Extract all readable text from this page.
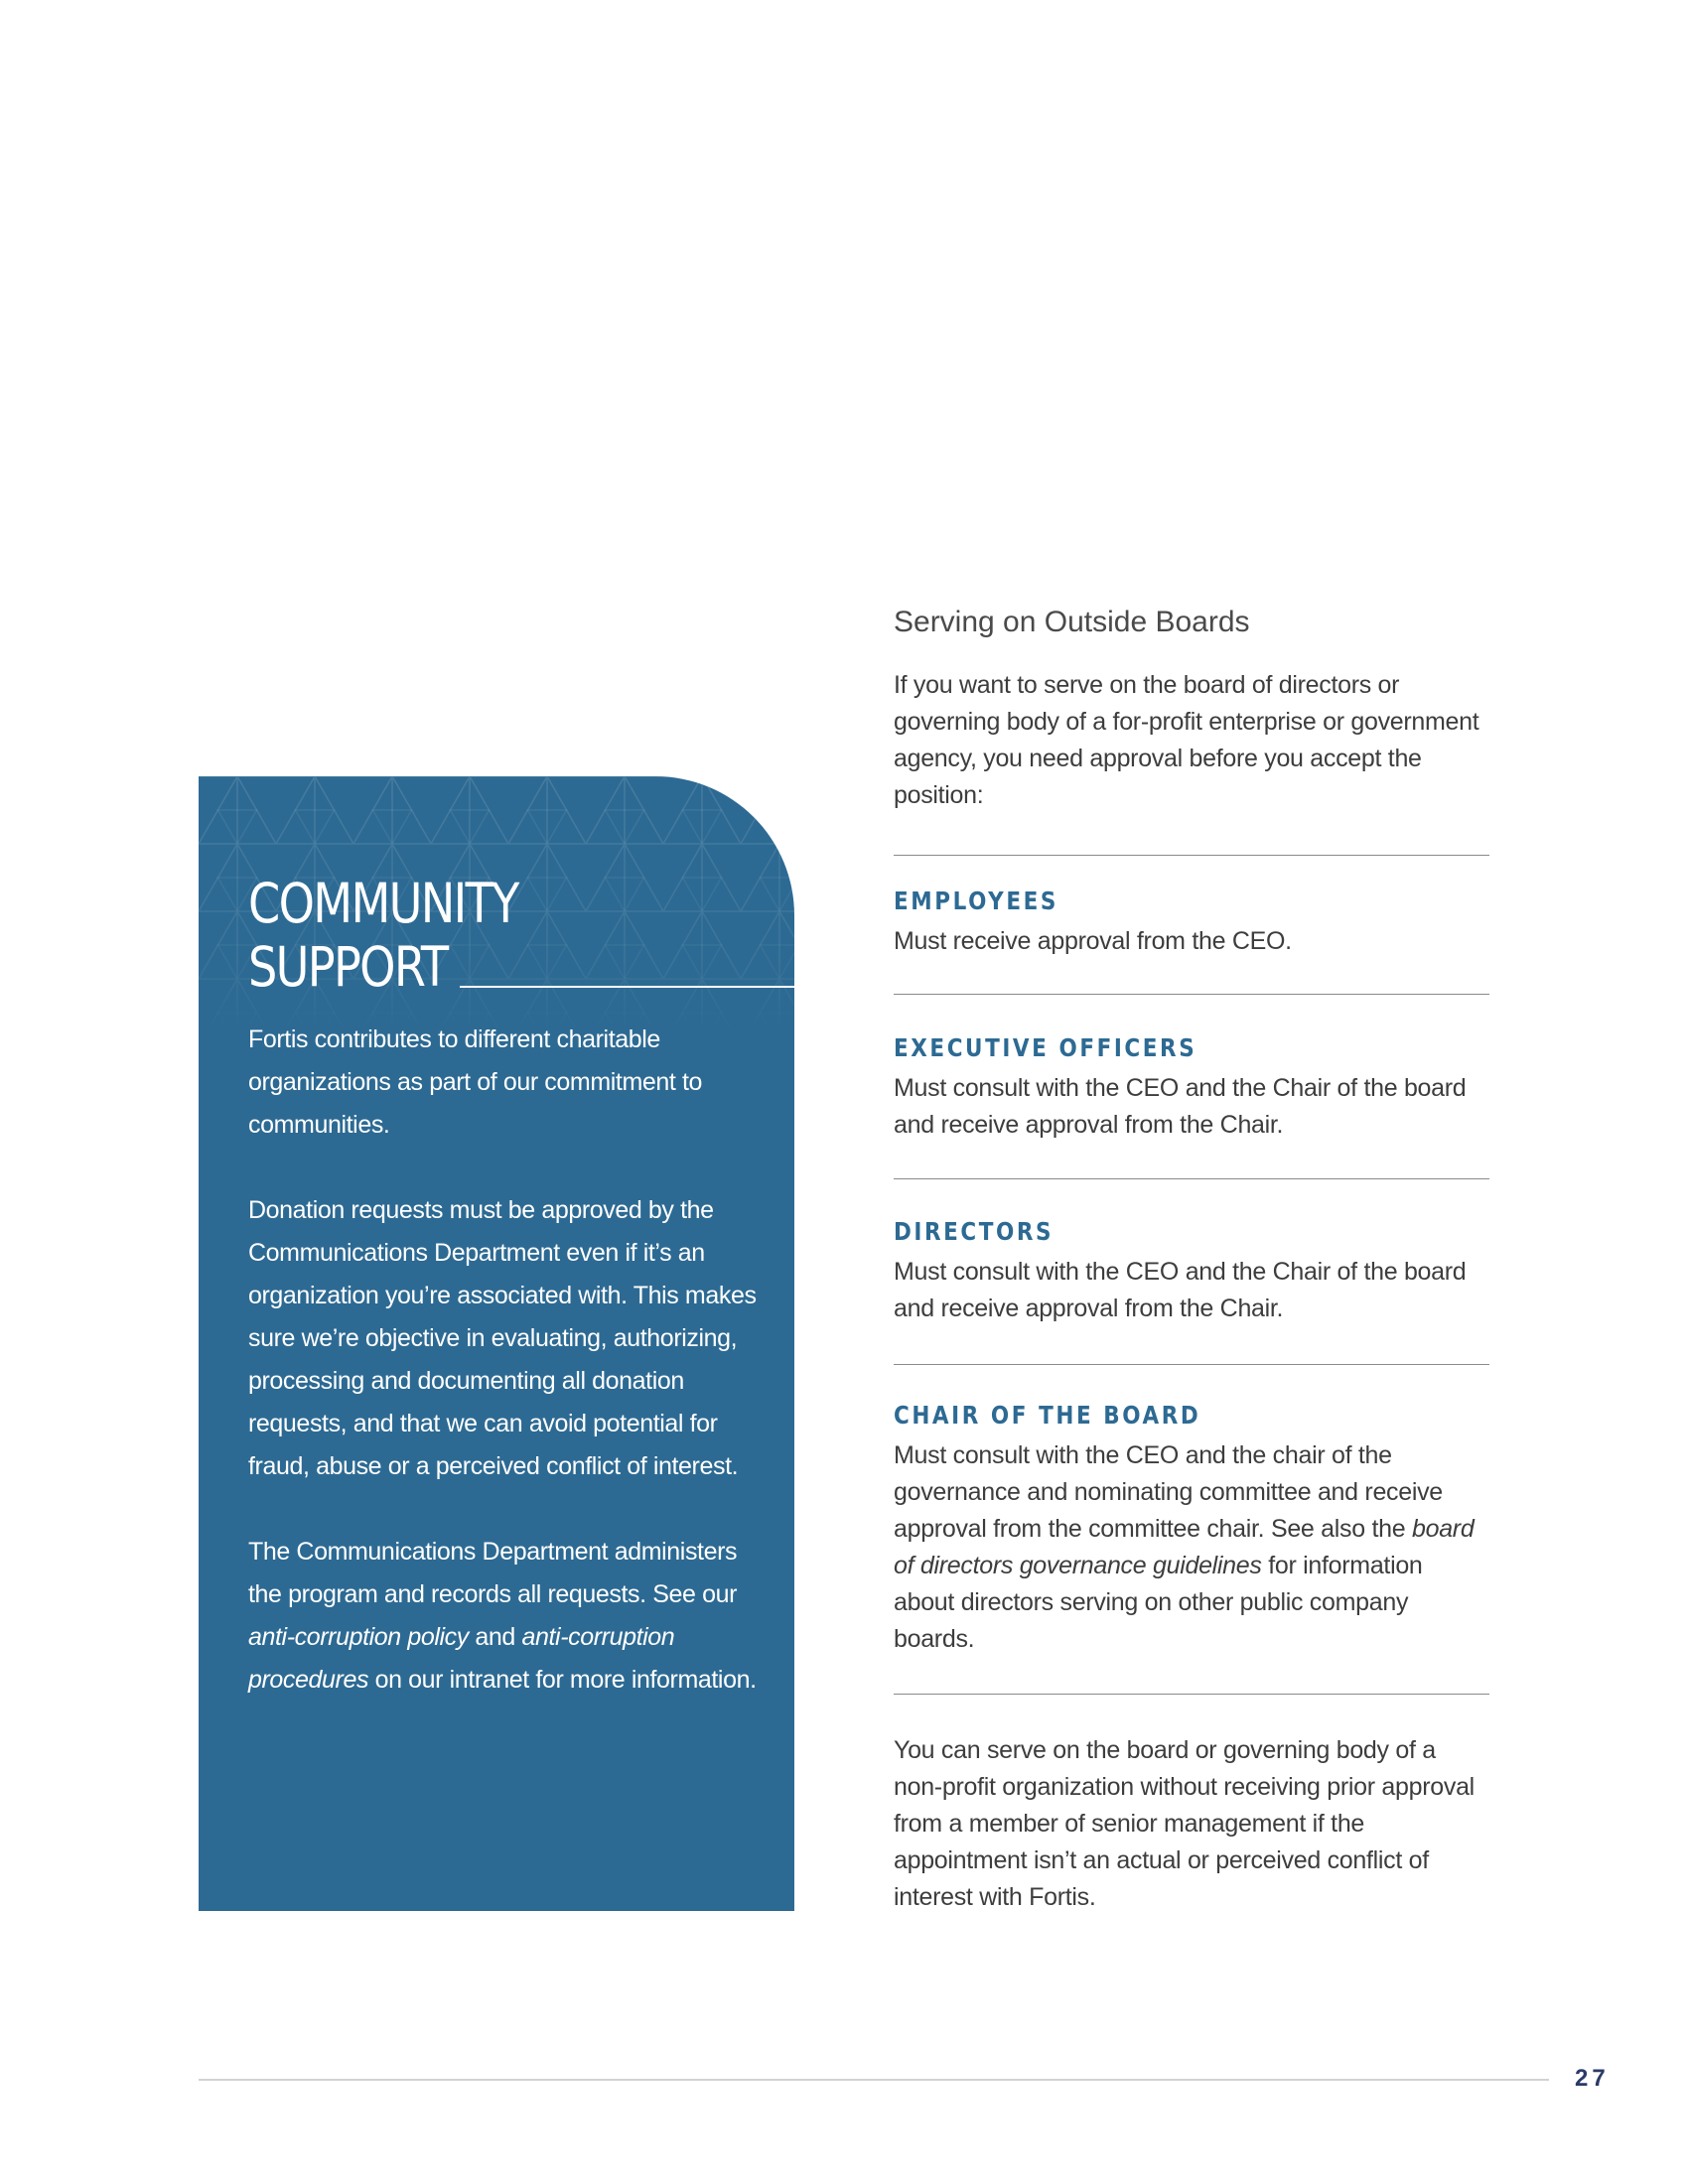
COMMUNITY
SUPPORT

Fortis contributes to different charitable organizations as part of our commitment to communities.

Donation requests must be approved by the Communications Department even if it’s an organization you’re associated with. This makes sure we’re objective in evaluating, authorizing, processing and documenting all donation requests, and that we can avoid potential for fraud, abuse or a perceived conflict of interest.

The Communications Department administers the program and records all requests. See our anti-corruption policy and anti-corruption procedures on our intranet for more information.

Serving on Outside Boards

If you want to serve on the board of directors or governing body of a for-profit enterprise or government agency, you need approval before you accept the position:

EMPLOYEES

Must receive approval from the CEO.

EXECUTIVE OFFICERS

Must consult with the CEO and the Chair of the board and receive approval from the Chair.

DIRECTORS

Must consult with the CEO and the Chair of the board and receive approval from the Chair.

CHAIR OF THE BOARD

Must consult with the CEO and the chair of the governance and nominating committee and receive approval from the committee chair. See also the board of directors governance guidelines for information about directors serving on other public company boards.

You can serve on the board or governing body of a non-profit organization without receiving prior approval from a member of senior management if the appointment isn’t an actual or perceived conflict of interest with Fortis.

27
